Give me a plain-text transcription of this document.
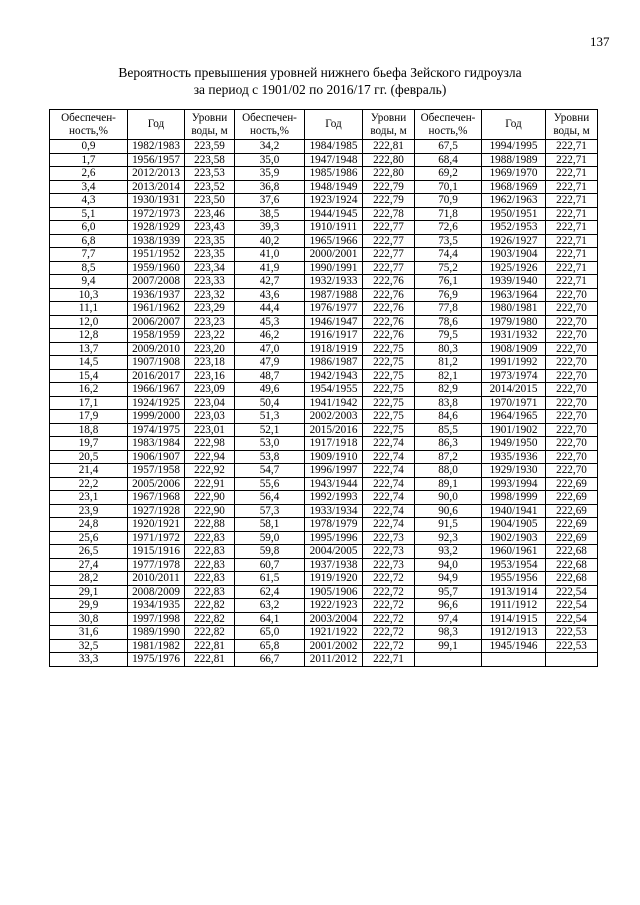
137
Вероятность превышения уровней нижнего бьефа Зейского гидроузла
за период с 1901/02 по 2016/17 гг. (февраль)
Обеспечен-ность,%	Год	Уровни воды, м	Обеспечен-ность,%	Год	Уровни воды, м	Обеспечен-ность,%	Год	Уровни воды, м
0,9	1982/1983	223,59	34,2	1984/1985	222,81	67,5	1994/1995	222,71
1,7	1956/1957	223,58	35,0	1947/1948	222,80	68,4	1988/1989	222,71
2,6	2012/2013	223,53	35,9	1985/1986	222,80	69,2	1969/1970	222,71
3,4	2013/2014	223,52	36,8	1948/1949	222,79	70,1	1968/1969	222,71
4,3	1930/1931	223,50	37,6	1923/1924	222,79	70,9	1962/1963	222,71
5,1	1972/1973	223,46	38,5	1944/1945	222,78	71,8	1950/1951	222,71
6,0	1928/1929	223,43	39,3	1910/1911	222,77	72,6	1952/1953	222,71
6,8	1938/1939	223,35	40,2	1965/1966	222,77	73,5	1926/1927	222,71
7,7	1951/1952	223,35	41,0	2000/2001	222,77	74,4	1903/1904	222,71
8,5	1959/1960	223,34	41,9	1990/1991	222,77	75,2	1925/1926	222,71
9,4	2007/2008	223,33	42,7	1932/1933	222,76	76,1	1939/1940	222,71
10,3	1936/1937	223,32	43,6	1987/1988	222,76	76,9	1963/1964	222,70
11,1	1961/1962	223,29	44,4	1976/1977	222,76	77,8	1980/1981	222,70
12,0	2006/2007	223,23	45,3	1946/1947	222,76	78,6	1979/1980	222,70
12,8	1958/1959	223,22	46,2	1916/1917	222,76	79,5	1931/1932	222,70
13,7	2009/2010	223,20	47,0	1918/1919	222,75	80,3	1908/1909	222,70
14,5	1907/1908	223,18	47,9	1986/1987	222,75	81,2	1991/1992	222,70
15,4	2016/2017	223,16	48,7	1942/1943	222,75	82,1	1973/1974	222,70
16,2	1966/1967	223,09	49,6	1954/1955	222,75	82,9	2014/2015	222,70
17,1	1924/1925	223,04	50,4	1941/1942	222,75	83,8	1970/1971	222,70
17,9	1999/2000	223,03	51,3	2002/2003	222,75	84,6	1964/1965	222,70
18,8	1974/1975	223,01	52,1	2015/2016	222,75	85,5	1901/1902	222,70
19,7	1983/1984	222,98	53,0	1917/1918	222,74	86,3	1949/1950	222,70
20,5	1906/1907	222,94	53,8	1909/1910	222,74	87,2	1935/1936	222,70
21,4	1957/1958	222,92	54,7	1996/1997	222,74	88,0	1929/1930	222,70
22,2	2005/2006	222,91	55,6	1943/1944	222,74	89,1	1993/1994	222,69
23,1	1967/1968	222,90	56,4	1992/1993	222,74	90,0	1998/1999	222,69
23,9	1927/1928	222,90	57,3	1933/1934	222,74	90,6	1940/1941	222,69
24,8	1920/1921	222,88	58,1	1978/1979	222,74	91,5	1904/1905	222,69
25,6	1971/1972	222,83	59,0	1995/1996	222,73	92,3	1902/1903	222,69
26,5	1915/1916	222,83	59,8	2004/2005	222,73	93,2	1960/1961	222,68
27,4	1977/1978	222,83	60,7	1937/1938	222,73	94,0	1953/1954	222,68
28,2	2010/2011	222,83	61,5	1919/1920	222,72	94,9	1955/1956	222,68
29,1	2008/2009	222,83	62,4	1905/1906	222,72	95,7	1913/1914	222,54
29,9	1934/1935	222,82	63,2	1922/1923	222,72	96,6	1911/1912	222,54
30,8	1997/1998	222,82	64,1	2003/2004	222,72	97,4	1914/1915	222,54
31,6	1989/1990	222,82	65,0	1921/1922	222,72	98,3	1912/1913	222,53
32,5	1981/1982	222,81	65,8	2001/2002	222,72	99,1	1945/1946	222,53
33,3	1975/1976	222,81	66,7	2011/2012	222,71			
